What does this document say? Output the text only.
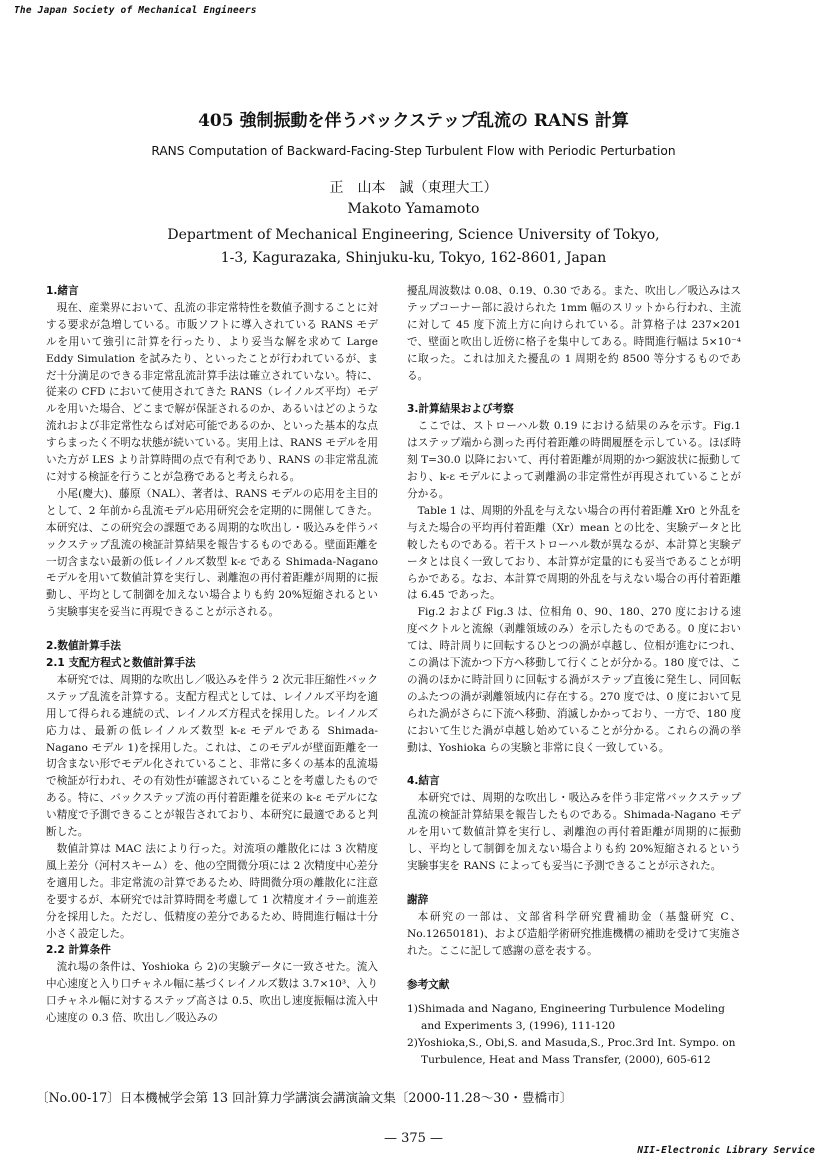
The Japan Society of Mechanical Engineers
405 強制振動を伴うバックステップ乱流の RANS 計算
RANS Computation of Backward-Facing-Step Turbulent Flow with Periodic Perturbation
正　山本　誠（東理大工）
Makoto Yamamoto
Department of Mechanical Engineering, Science University of Tokyo,
1-3, Kagurazaka, Shinjuku-ku, Tokyo, 162-8601, Japan
1.緒言

現在、産業界において、乱流の非定常特性を数値予測することに対する要求が急増している。市販ソフトに導入されている RANS モデルを用いて強引に計算を行ったり、より妥当な解を求めて Large Eddy Simulation を試みたり、といったことが行われているが、まだ十分満足のできる非定常乱流計算手法は確立されていない。特に、従来の CFD において使用されてきた RANS（レイノルズ平均）モデルを用いた場合、どこまで解が保証されるのか、あるいはどのような流れおよび非定常性ならば対応可能であるのか、といった基本的な点すらまったく不明な状態が続いている。実用上は、RANS モデルを用いた方が LES より計算時間の点で有利であり、RANS の非定常乱流に対する検証を行うことが急務であると考えられる。

小尾(慶大)、藤原（NAL）、著者は、RANS モデルの応用を主目的として、2 年前から乱流モデル応用研究会を定期的に開催してきた。本研究は、この研究会の課題である周期的な吹出し・吸込みを伴うバックステップ乱流の検証計算結果を報告するものである。壁面距離を一切含まない最新の低レイノルズ数型 k-ε である Shimada-Nagano モデルを用いて数値計算を実行し、剥離泡の再付着距離が周期的に振動し、平均として制御を加えない場合よりも約 20%短縮されるという実験事実を妥当に再現できることが示される。

2.数値計算手法
2.1 支配方程式と数値計算手法

本研究では、周期的な吹出し／吸込みを伴う 2 次元非圧縮性バックステップ乱流を計算する。支配方程式としては、レイノルズ平均を適用して得られる連続の式、レイノルズ方程式を採用した。レイノルズ応力は、最新の低レイノルズ数型 k-ε モデルである Shimada-Nagano モデル 1)を採用した。これは、このモデルが壁面距離を一切含まない形でモデル化されていること、非常に多くの基本的乱流場で検証が行われ、その有効性が確認されていることを考慮したものである。特に、バックステップ流の再付着距離を従来の k-ε モデルにない精度で予測できることが報告されており、本研究に最適であると判断した。

数値計算は MAC 法により行った。対流項の離散化には 3 次精度風上差分（河村スキーム）を、他の空間微分項には 2 次精度中心差分を適用した。非定常流の計算であるため、時間微分項の離散化に注意を要するが、本研究では計算時間を考慮して 1 次精度オイラー前進差分を採用した。ただし、低精度の差分であるため、時間進行幅は十分小さく設定した。

2.2 計算条件

流れ場の条件は、Yoshioka ら 2)の実験データに一致させた。流入中心速度と入り口チャネル幅に基づくレイノルズ数は 3.7×10³、入り口チャネル幅に対するステップ高さは 0.5、吹出し速度振幅は流入中心速度の 0.3 倍、吹出し／吸込みの

擾乱周波数は 0.08、0.19、0.30 である。また、吹出し／吸込みはステップコーナー部に設けられた 1mm 幅のスリットから行われ、主流に対して 45 度下流上方に向けられている。計算格子は 237×201 で、壁面と吹出し近傍に格子を集中してある。時間進行幅は 5×10⁻⁴ に取った。これは加えた擾乱の 1 周期を約 8500 等分するものである。

3.計算結果および考察

ここでは、ストローハル数 0.19 における結果のみを示す。Fig.1 はステップ端から測った再付着距離の時間履歴を示している。ほぼ時刻 T=30.0 以降において、再付着距離が周期的かつ鋸波状に振動しており、k-ε モデルによって剥離渦の非定常性が再現されていることが分かる。

Table 1 は、周期的外乱を与えない場合の再付着距離 Xr0 と外乱を与えた場合の平均再付着距離（Xr）mean との比を、実験データと比較したものである。若干ストローハル数が異なるが、本計算と実験データとは良く一致しており、本計算が定量的にも妥当であることが明らかである。なお、本計算で周期的外乱を与えない場合の再付着距離は 6.45 であった。

Fig.2 および Fig.3 は、位相角 0、90、180、270 度における速度ベクトルと流線（剥離領域のみ）を示したものである。0 度においては、時計周りに回転するひとつの渦が卓越し、位相が進むにつれ、この渦は下流かつ下方へ移動して行くことが分かる。180 度では、この渦のほかに時計回りに回転する渦がステップ直後に発生し、同回転のふたつの渦が剥離領域内に存在する。270 度では、0 度において見られた渦がさらに下流へ移動、消滅しかかっており、一方で、180 度において生じた渦が卓越し始めていることが分かる。これらの渦の挙動は、Yoshioka らの実験と非常に良く一致している。

4.結言

本研究では、周期的な吹出し・吸込みを伴う非定常バックステップ乱流の検証計算結果を報告したものである。Shimada-Nagano モデルを用いて数値計算を実行し、剥離泡の再付着距離が周期的に振動し、平均として制御を加えない場合よりも約 20%短縮されるという実験事実を RANS によっても妥当に予測できることが示された。

謝辞

本研究の一部は、文部省科学研究費補助金（基盤研究 C、No.12650181)、および造船学術研究推進機構の補助を受けて実施された。ここに記して感謝の意を表する。

参考文献

1)Shimada and Nagano, Engineering Turbulence Modeling and Experiments 3, (1996), 111-120

2)Yoshioka,S., Obi,S. and Masuda,S., Proc.3rd Int. Sympo. on Turbulence, Heat and Mass Transfer, (2000), 605-612

〔No.00-17〕日本機械学会第 13 回計算力学講演会講演論文集〔2000-11.28〜30・豊橋市〕
— 375 —
NII-Electronic Library Service
